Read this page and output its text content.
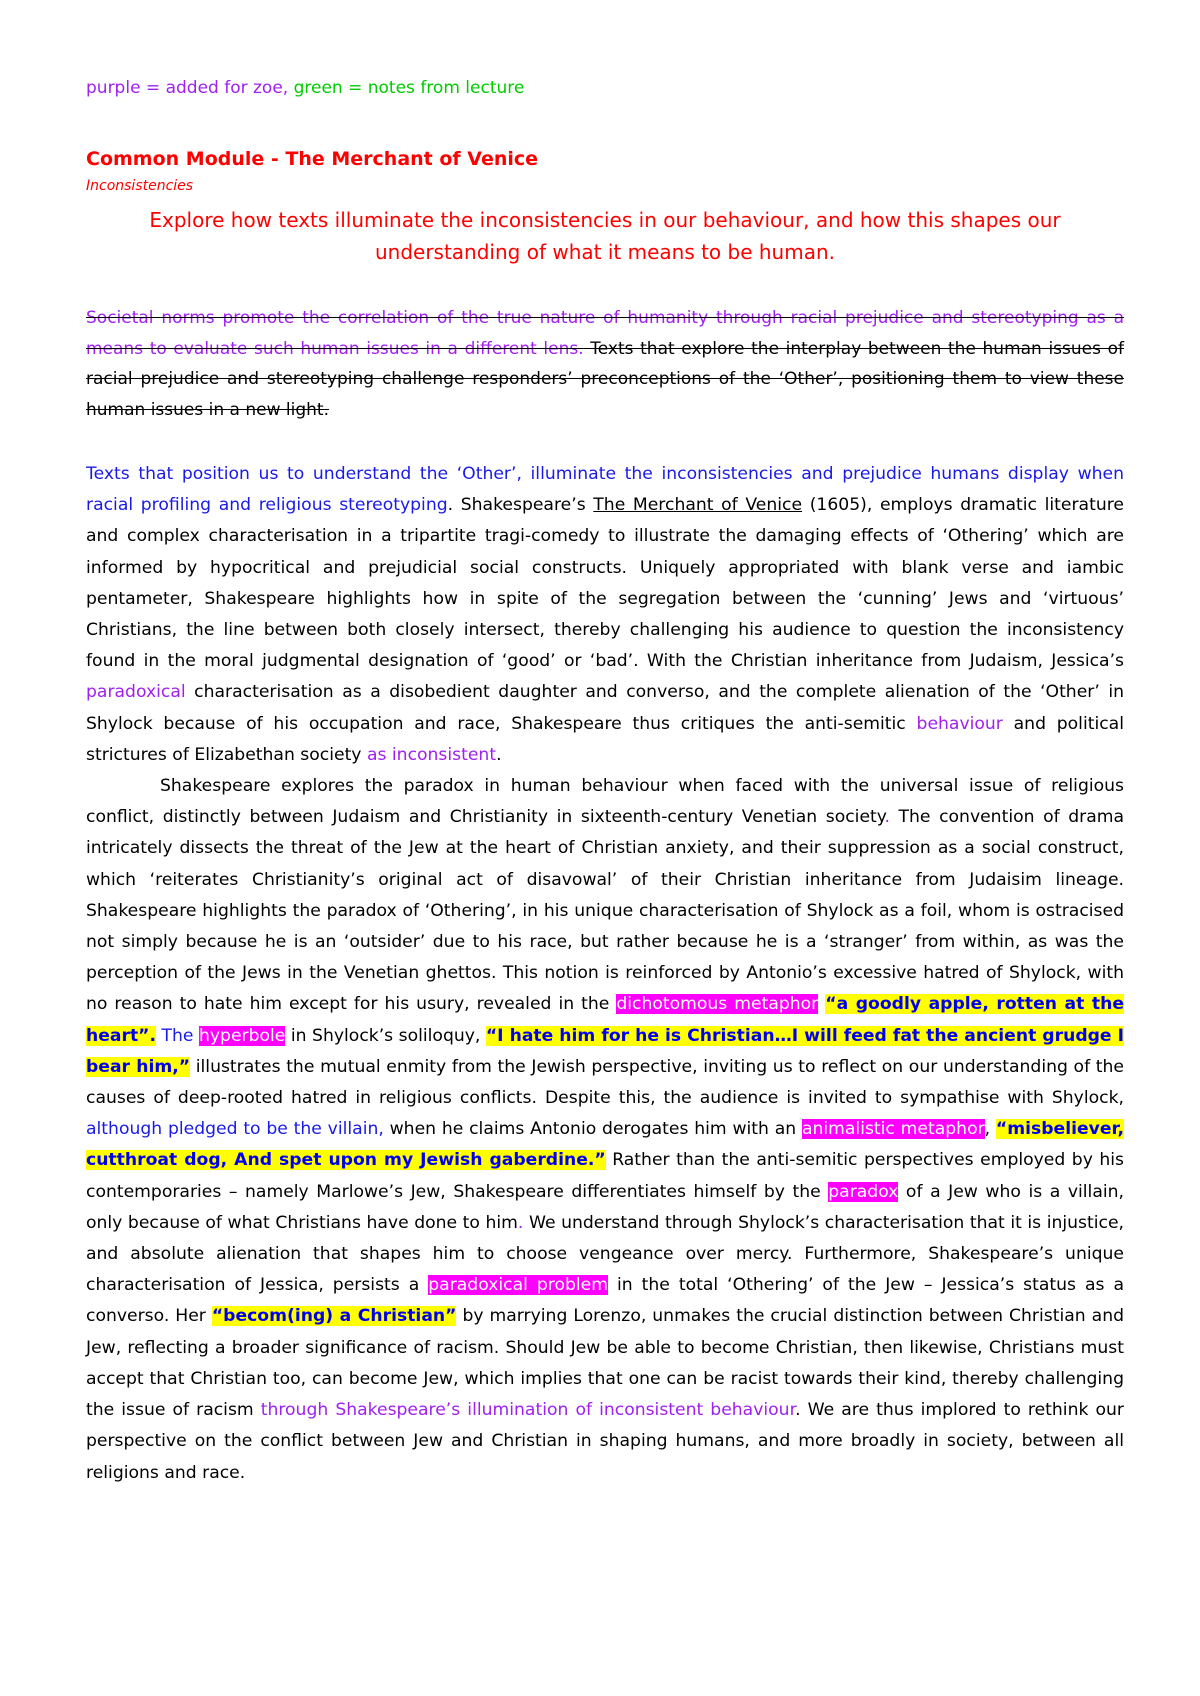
purple = added for zoe, green = notes from lecture
Common Module - The Merchant of Venice
Inconsistencies
Explore how texts illuminate the inconsistencies in our behaviour, and how this shapes our understanding of what it means to be human.
Societal norms promote the correlation of the true nature of humanity through racial prejudice and stereotyping as a means to evaluate such human issues in a different lens. Texts that explore the interplay between the human issues of racial prejudice and stereotyping challenge responders’ preconceptions of the ‘Other’, positioning them to view these human issues in a new light.

Texts that position us to understand the ‘Other’, illuminate the inconsistencies and prejudice humans display when racial profiling and religious stereotyping. Shakespeare’s The Merchant of Venice (1605), employs dramatic literature and complex characterisation in a tripartite tragi-comedy to illustrate the damaging effects of ‘Othering’ which are informed by hypocritical and prejudicial social constructs. Uniquely appropriated with blank verse and iambic pentameter, Shakespeare highlights how in spite of the segregation between the ‘cunning’ Jews and ‘virtuous’ Christians, the line between both closely intersect, thereby challenging his audience to question the inconsistency found in the moral judgmental designation of ‘good’ or ‘bad’. With the Christian inheritance from Judaism, Jessica’s paradoxical characterisation as a disobedient daughter and converso, and the complete alienation of the ‘Other’ in Shylock because of his occupation and race, Shakespeare thus critiques the anti-semitic behaviour and political strictures of Elizabethan society as inconsistent.

Shakespeare explores the paradox in human behaviour when faced with the universal issue of religious conflict, distinctly between Judaism and Christianity in sixteenth-century Venetian society. The convention of drama intricately dissects the threat of the Jew at the heart of Christian anxiety, and their suppression as a social construct, which ‘reiterates Christianity’s original act of disavowal’ of their Christian inheritance from Judaisim lineage. Shakespeare highlights the paradox of ‘Othering’, in his unique characterisation of Shylock as a foil, whom is ostracised not simply because he is an ‘outsider’ due to his race, but rather because he is a ‘stranger’ from within, as was the perception of the Jews in the Venetian ghettos. This notion is reinforced by Antonio’s excessive hatred of Shylock, with no reason to hate him except for his usury, revealed in the dichotomous metaphor “a goodly apple, rotten at the heart”. The hyperbole in Shylock’s soliloquy, “I hate him for he is Christian…I will feed fat the ancient grudge I bear him,” illustrates the mutual enmity from the Jewish perspective, inviting us to reflect on our understanding of the causes of deep-rooted hatred in religious conflicts. Despite this, the audience is invited to sympathise with Shylock, although pledged to be the villain, when he claims Antonio derogates him with an animalistic metaphor, “misbeliever, cutthroat dog, And spet upon my Jewish gaberdine.” Rather than the anti-semitic perspectives employed by his contemporaries – namely Marlowe’s Jew, Shakespeare differentiates himself by the paradox of a Jew who is a villain, only because of what Christians have done to him. We understand through Shylock’s characterisation that it is injustice, and absolute alienation that shapes him to choose vengeance over mercy. Furthermore, Shakespeare’s unique characterisation of Jessica, persists a paradoxical problem in the total ‘Othering’ of the Jew – Jessica’s status as a converso. Her “becom(ing) a Christian” by marrying Lorenzo, unmakes the crucial distinction between Christian and Jew, reflecting a broader significance of racism. Should Jew be able to become Christian, then likewise, Christians must accept that Christian too, can become Jew, which implies that one can be racist towards their kind, thereby challenging the issue of racism through Shakespeare’s illumination of inconsistent behaviour. We are thus implored to rethink our perspective on the conflict between Jew and Christian in shaping humans, and more broadly in society, between all religions and race.
